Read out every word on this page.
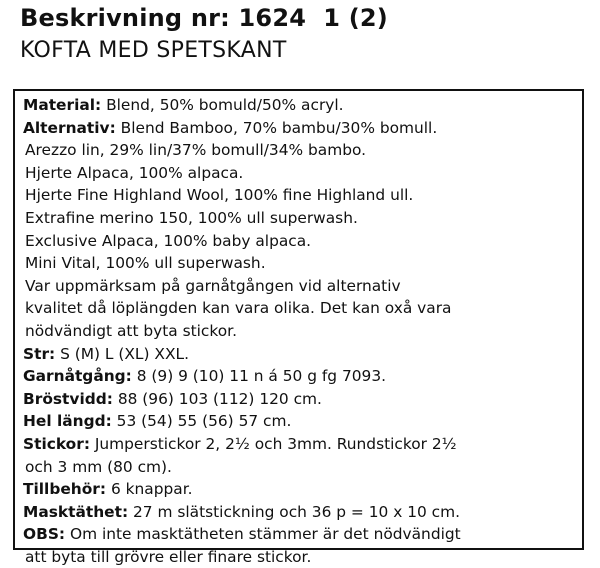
Beskrivning nr: 1624  1 (2)
KOFTA MED SPETSKANT
Material: Blend, 50% bomuld/50% acryl.
Alternativ: Blend Bamboo, 70% bambu/30% bomull.
Arezzo lin, 29% lin/37% bomull/34% bambo.
Hjerte Alpaca, 100% alpaca.
Hjerte Fine Highland Wool, 100% fine Highland ull.
Extrafine merino 150, 100% ull superwash.
Exclusive Alpaca, 100% baby alpaca.
Mini Vital, 100% ull superwash.
Var uppmärksam på garnåtgången vid alternativ
kvalitet då löplängden kan vara olika. Det kan oxå vara
nödvändigt att byta stickor.
Str: S (M) L (XL) XXL.
Garnåtgång: 8 (9) 9 (10) 11 n á 50 g fg 7093.
Bröstvidd: 88 (96) 103 (112) 120 cm.
Hel längd: 53 (54) 55 (56) 57 cm.
Stickor: Jumperstickor 2, 2½ och 3mm. Rundstickor 2½
och 3 mm (80 cm).
Tillbehör: 6 knappar.
Masktäthet: 27 m slätstickning och 36 p = 10 x 10 cm.
OBS: Om inte masktätheten stämmer är det nödvändigt
att byta till grövre eller finare stickor.
